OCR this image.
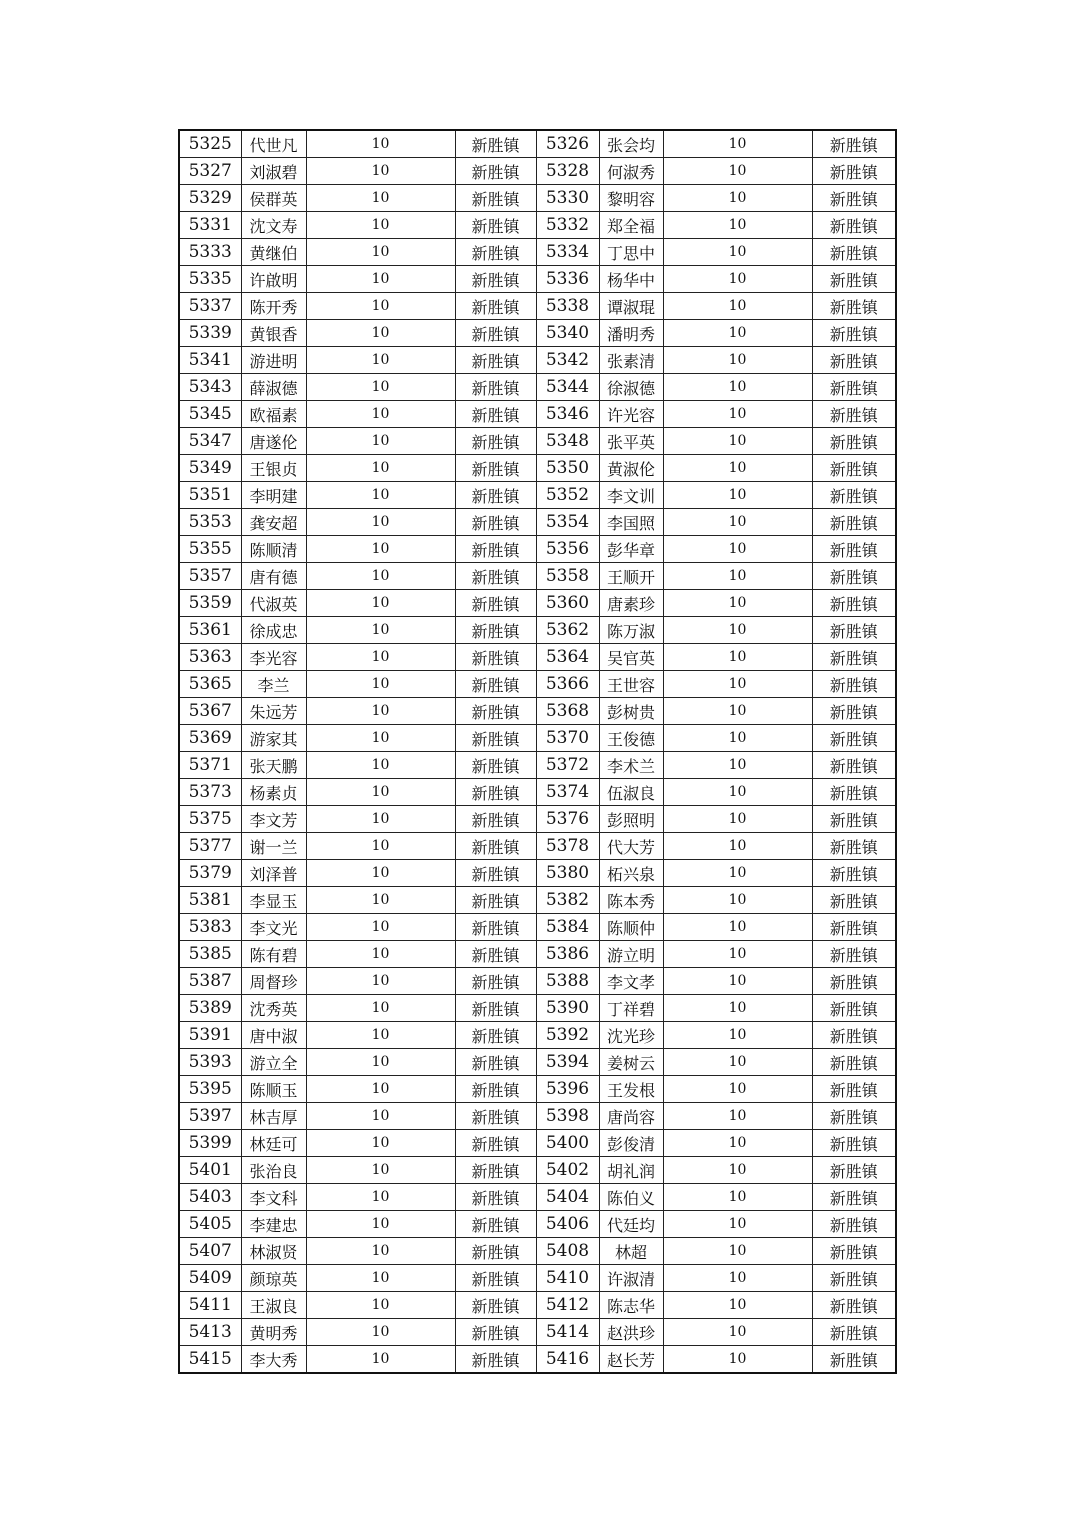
5325	代世凡	10	新胜镇	5326	张会均	10	新胜镇
5327	刘淑碧	10	新胜镇	5328	何淑秀	10	新胜镇
5329	侯群英	10	新胜镇	5330	黎明容	10	新胜镇
5331	沈文寿	10	新胜镇	5332	郑全福	10	新胜镇
5333	黄继伯	10	新胜镇	5334	丁思中	10	新胜镇
5335	许啟明	10	新胜镇	5336	杨华中	10	新胜镇
5337	陈开秀	10	新胜镇	5338	谭淑琨	10	新胜镇
5339	黄银香	10	新胜镇	5340	潘明秀	10	新胜镇
5341	游进明	10	新胜镇	5342	张素清	10	新胜镇
5343	薛淑德	10	新胜镇	5344	徐淑德	10	新胜镇
5345	欧福素	10	新胜镇	5346	许光容	10	新胜镇
5347	唐遂伦	10	新胜镇	5348	张平英	10	新胜镇
5349	王银贞	10	新胜镇	5350	黄淑伦	10	新胜镇
5351	李明建	10	新胜镇	5352	李文训	10	新胜镇
5353	龚安超	10	新胜镇	5354	李国照	10	新胜镇
5355	陈顺清	10	新胜镇	5356	彭华章	10	新胜镇
5357	唐有德	10	新胜镇	5358	王顺开	10	新胜镇
5359	代淑英	10	新胜镇	5360	唐素珍	10	新胜镇
5361	徐成忠	10	新胜镇	5362	陈万淑	10	新胜镇
5363	李光容	10	新胜镇	5364	吴官英	10	新胜镇
5365	李兰	10	新胜镇	5366	王世容	10	新胜镇
5367	朱远芳	10	新胜镇	5368	彭树贵	10	新胜镇
5369	游家其	10	新胜镇	5370	王俊德	10	新胜镇
5371	张天鹏	10	新胜镇	5372	李术兰	10	新胜镇
5373	杨素贞	10	新胜镇	5374	伍淑良	10	新胜镇
5375	李文芳	10	新胜镇	5376	彭照明	10	新胜镇
5377	谢一兰	10	新胜镇	5378	代大芳	10	新胜镇
5379	刘泽普	10	新胜镇	5380	柘兴泉	10	新胜镇
5381	李显玉	10	新胜镇	5382	陈本秀	10	新胜镇
5383	李文光	10	新胜镇	5384	陈顺仲	10	新胜镇
5385	陈有碧	10	新胜镇	5386	游立明	10	新胜镇
5387	周督珍	10	新胜镇	5388	李文孝	10	新胜镇
5389	沈秀英	10	新胜镇	5390	丁祥碧	10	新胜镇
5391	唐中淑	10	新胜镇	5392	沈光珍	10	新胜镇
5393	游立全	10	新胜镇	5394	姜树云	10	新胜镇
5395	陈顺玉	10	新胜镇	5396	王发根	10	新胜镇
5397	林吉厚	10	新胜镇	5398	唐尚容	10	新胜镇
5399	林廷可	10	新胜镇	5400	彭俊清	10	新胜镇
5401	张治良	10	新胜镇	5402	胡礼润	10	新胜镇
5403	李文科	10	新胜镇	5404	陈伯义	10	新胜镇
5405	李建忠	10	新胜镇	5406	代廷均	10	新胜镇
5407	林淑贤	10	新胜镇	5408	林超	10	新胜镇
5409	颜琼英	10	新胜镇	5410	许淑清	10	新胜镇
5411	王淑良	10	新胜镇	5412	陈志华	10	新胜镇
5413	黄明秀	10	新胜镇	5414	赵洪珍	10	新胜镇
5415	李大秀	10	新胜镇	5416	赵长芳	10	新胜镇
